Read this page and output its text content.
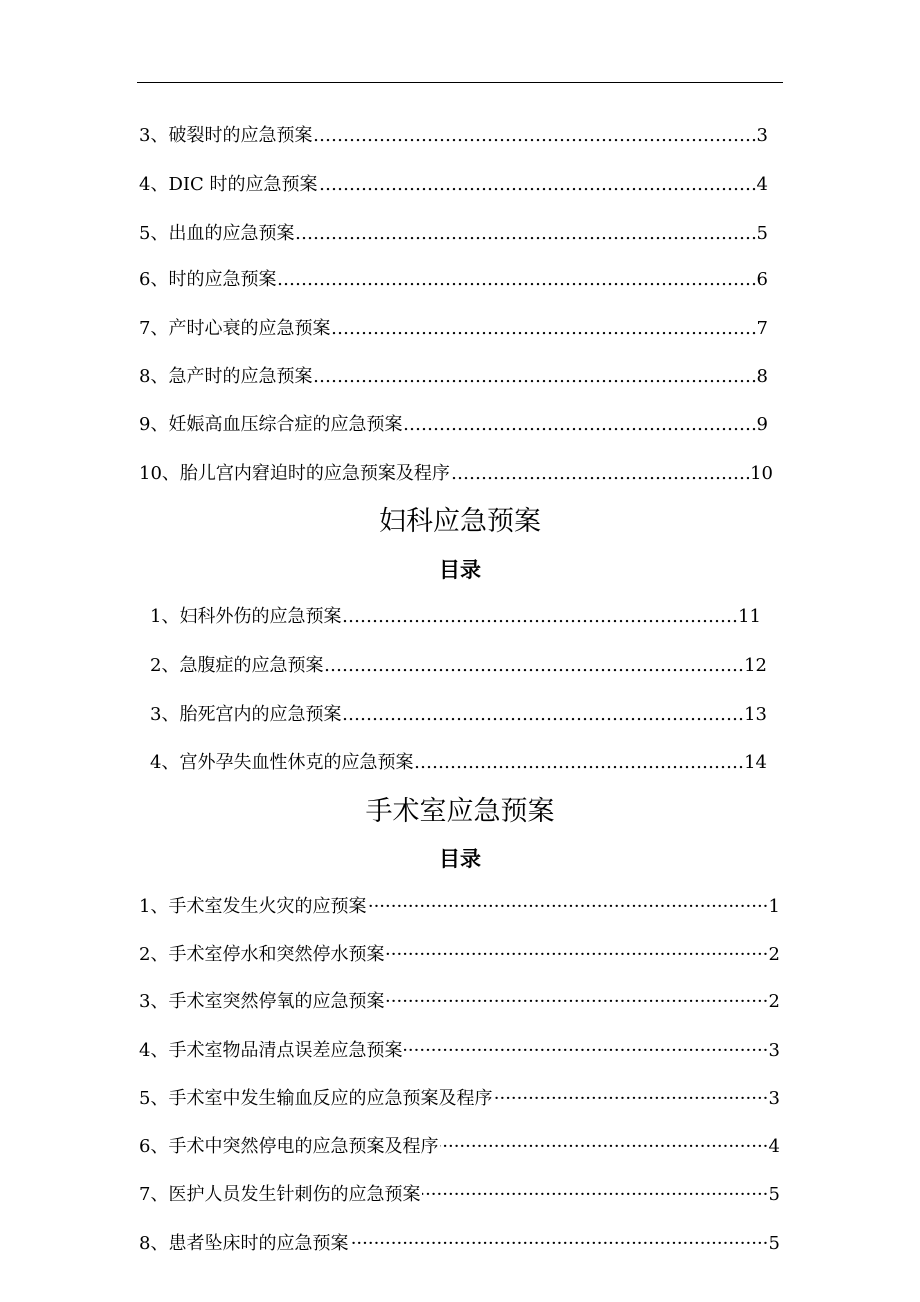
………………………………………………………………………………………………………………………………………………………………………………
3、破裂时的应急预案	3
………………………………………………………………………………………………………………………………………………………………………………
4、DIC 时的应急预案	4
………………………………………………………………………………………………………………………………………………………………………………
5、出血的应急预案	5
………………………………………………………………………………………………………………………………………………………………………………
6、时的应急预案	6
………………………………………………………………………………………………………………………………………………………………………………
7、产时心衰的应急预案	7
………………………………………………………………………………………………………………………………………………………………………………
8、急产时的应急预案	8
………………………………………………………………………………………………………………………………………………………………………………
9、妊娠高血压综合症的应急预案	9
………………………………………………………………………………………………………………………………………………………………………………
10、胎儿宫内窘迫时的应急预案及程序	10
妇科应急预案
目录
………………………………………………………………………………………………………………………………………………………………………………
1、妇科外伤的应急预案	11
………………………………………………………………………………………………………………………………………………………………………………
2、急腹症的应急预案	12
………………………………………………………………………………………………………………………………………………………………………………
3、胎死宫内的应急预案	13
………………………………………………………………………………………………………………………………………………………………………………
4、宫外孕失血性休克的应急预案	14
手术室应急预案
目录
·····
1、手术室发生火灾的应预案	1
·····
2、手术室停水和突然停水预案	2
·····
3、手术室突然停氧的应急预案	2
·····
4、手术室物品清点误差应急预案	3
·····
5、手术室中发生输血反应的应急预案及程序	3
·····
6、手术中突然停电的应急预案及程序	4
·····
7、医护人员发生针刺伤的应急预案	5
·····
8、患者坠床时的应急预案	5
